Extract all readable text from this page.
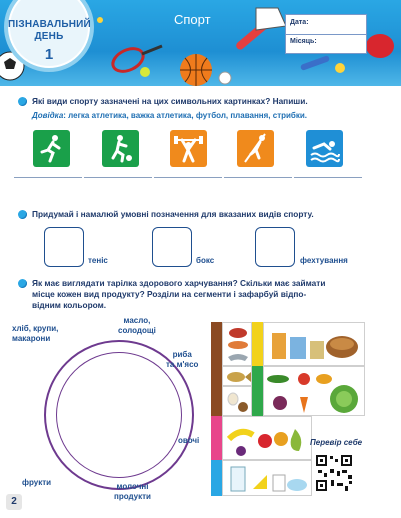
ПІЗНАВАЛЬНИЙ
ДЕНЬ
1
Спорт	Дата:
Місяць:
Які види спорту зазначені на цих символьних картинках? Напиши.
Довідка: легка атлетика, важка атлетика, футбол, плавання, стрибки.
Придумай і намалюй умовні позначення для вказаних видів спорту.
теніс	бокс	фехтування
Як має виглядати тарілка здорового харчування? Скільки має займати
місце кожен вид продукту? Розділи на сегменти і зафарбуй відпо-
відним кольором.
хліб, крупи,
макарони
масло,
солодощі
риба
та м'ясо
овочі
фрукти	молочні
продукти
Перевір себе
2
